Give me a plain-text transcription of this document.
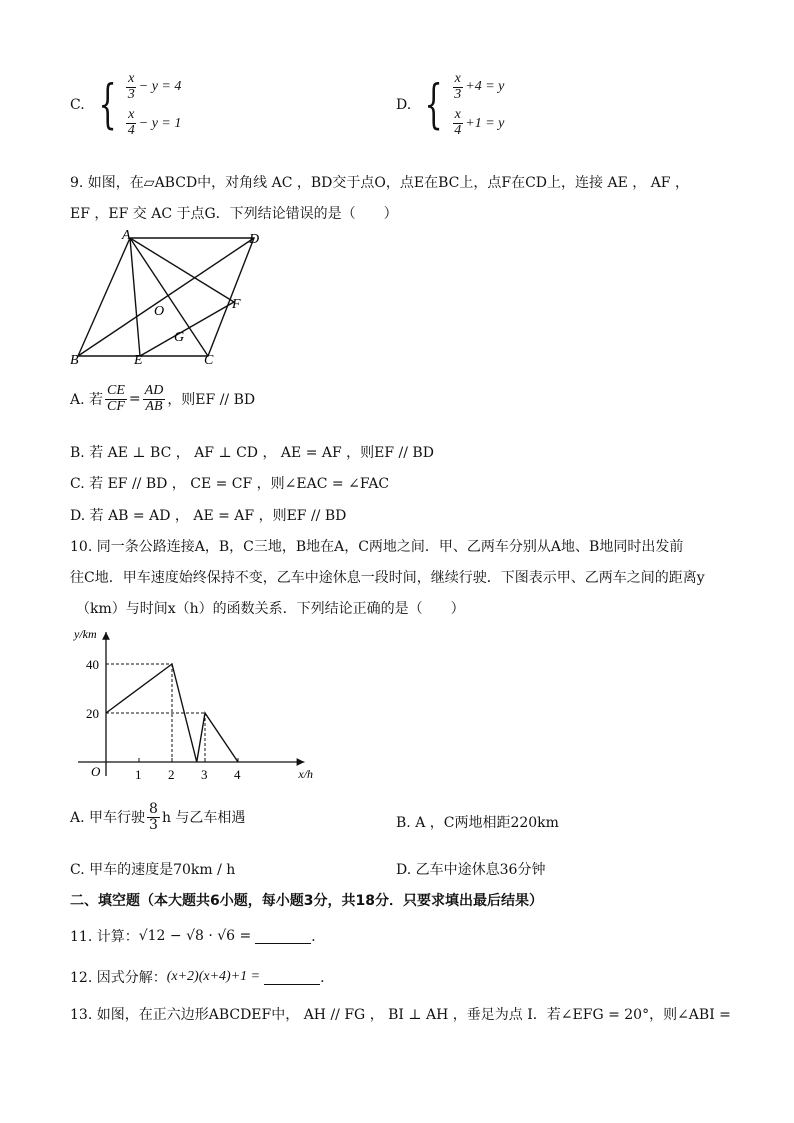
C. { $\frac{x}{3} - y = 4$
$\frac{x}{4} - y = 1$
D. { $\frac{x}{3} +4 = y$
$\frac{x}{4} +1 = y$
9. 如图，在▱ABCD中，对角线 AC ，BD交于点O，点E在BC上，点F在CD上，连接 AE ， AF ，
EF ，EF 交 AC 于点G．下列结论错误的是（　　）
A	D
B	E	C
F
G
O
A. 若 $\frac{CE}{CF} = \frac{AD}{AB}$ ，则EF // BD
B. 若 AE ⊥ BC ， AF ⊥ CD ， AE = AF ，则EF // BD
C. 若 EF // BD ， CE = CF ，则∠EAC = ∠FAC
D. 若 AB = AD ， AE = AF ，则EF // BD
10. 同一条公路连接A，B，C三地，B地在A，C两地之间．甲、乙两车分别从A地、B地同时出发前
往C地．甲车速度始终保持不变，乙车中途休息一段时间，继续行驶．下图表示甲、乙两车之间的距离y
（km）与时间x（h）的函数关系．下列结论正确的是（　　）
1 2 3 4
20
40
O
y/km
x/h
A. 甲车行驶 $\frac{8}{3}$ h 与乙车相遇	B. A ，C两地相距220km
C. 甲车的速度是70km / h	D. 乙车中途休息36分钟
二、填空题（本大题共6小题，每小题3分，共18分．只要求填出最后结果）
11. 计算： √12 − √8 · √6 =	．
12. 因式分解： (x+2)(x+4)+1 =	．
13. 如图，在正六边形ABCDEF中， AH // FG ， BI ⊥ AH ，垂足为点 I．若∠EFG = 20°，则∠ABI =
